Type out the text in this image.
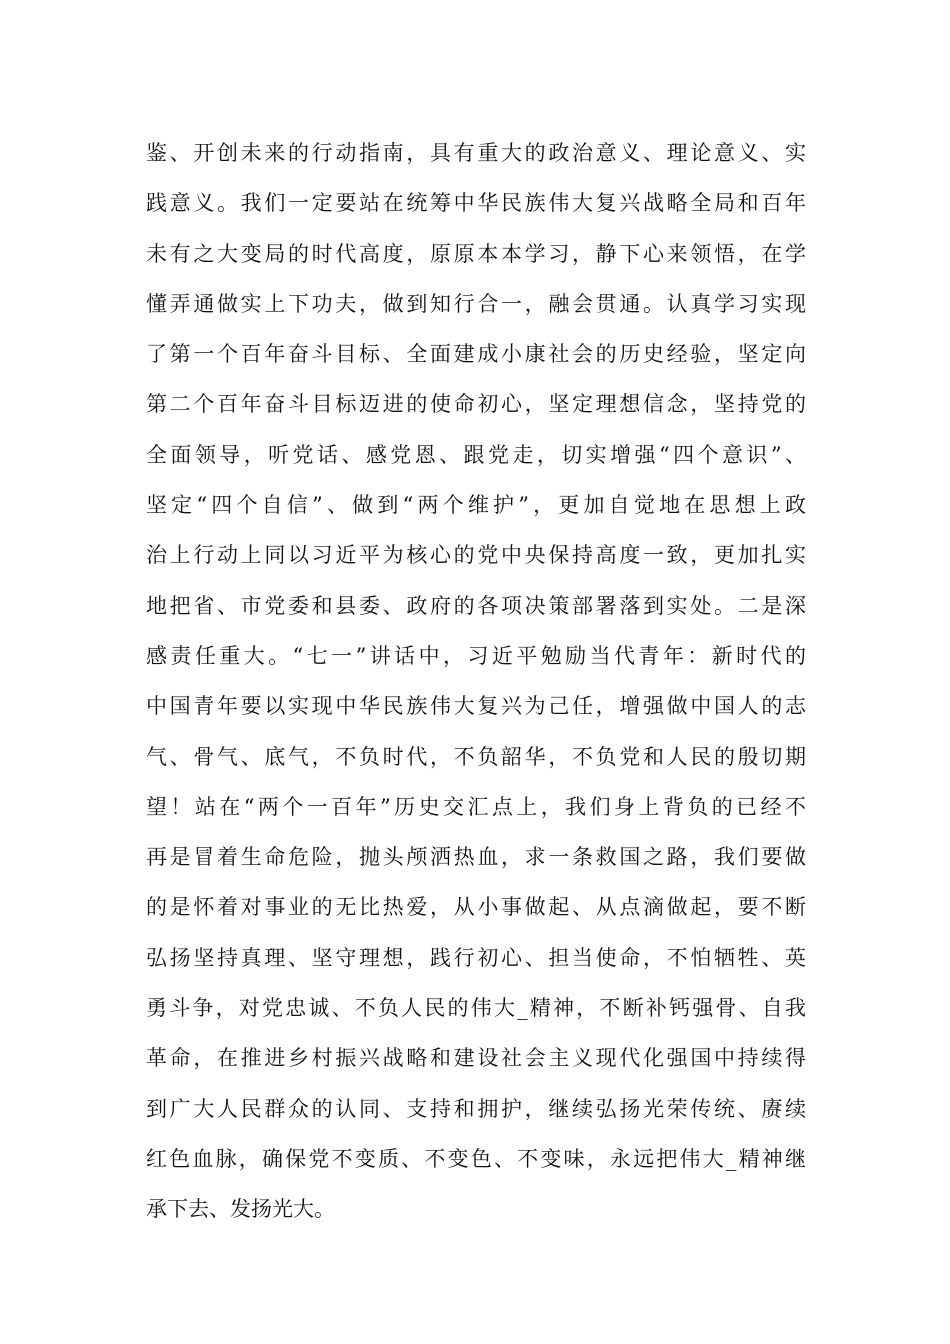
鉴、开创未来的行动指南，具有重大的政治意义、理论意义、实
践意义。我们一定要站在统筹中华民族伟大复兴战略全局和百年
未有之大变局的时代高度，原原本本学习，静下心来领悟，在学
懂弄通做实上下功夫，做到知行合一，融会贯通。认真学习实现
了第一个百年奋斗目标、全面建成小康社会的历史经验，坚定向
第二个百年奋斗目标迈进的使命初心，坚定理想信念，坚持党的
全面领导，听党话、感党恩、跟党走，切实增强“四个意识”、
坚定“四个自信”、做到“两个维护”，更加自觉地在思想上政
治上行动上同以习近平为核心的党中央保持高度一致，更加扎实
地把省、市党委和县委、政府的各项决策部署落到实处。二是深
感责任重大。“七一”讲话中，习近平勉励当代青年：新时代的
中国青年要以实现中华民族伟大复兴为己任，增强做中国人的志
气、骨气、底气，不负时代，不负韶华，不负党和人民的殷切期
望！站在“两个一百年”历史交汇点上，我们身上背负的已经不
再是冒着生命危险，抛头颅洒热血，求一条救国之路，我们要做
的是怀着对事业的无比热爱，从小事做起、从点滴做起，要不断
弘扬坚持真理、坚守理想，践行初心、担当使命，不怕牺牲、英
勇斗争，对党忠诚、不负人民的伟大_精神，不断补钙强骨、自我
革命，在推进乡村振兴战略和建设社会主义现代化强国中持续得
到广大人民群众的认同、支持和拥护，继续弘扬光荣传统、赓续
红色血脉，确保党不变质、不变色、不变味，永远把伟大_精神继
承下去、发扬光大。
